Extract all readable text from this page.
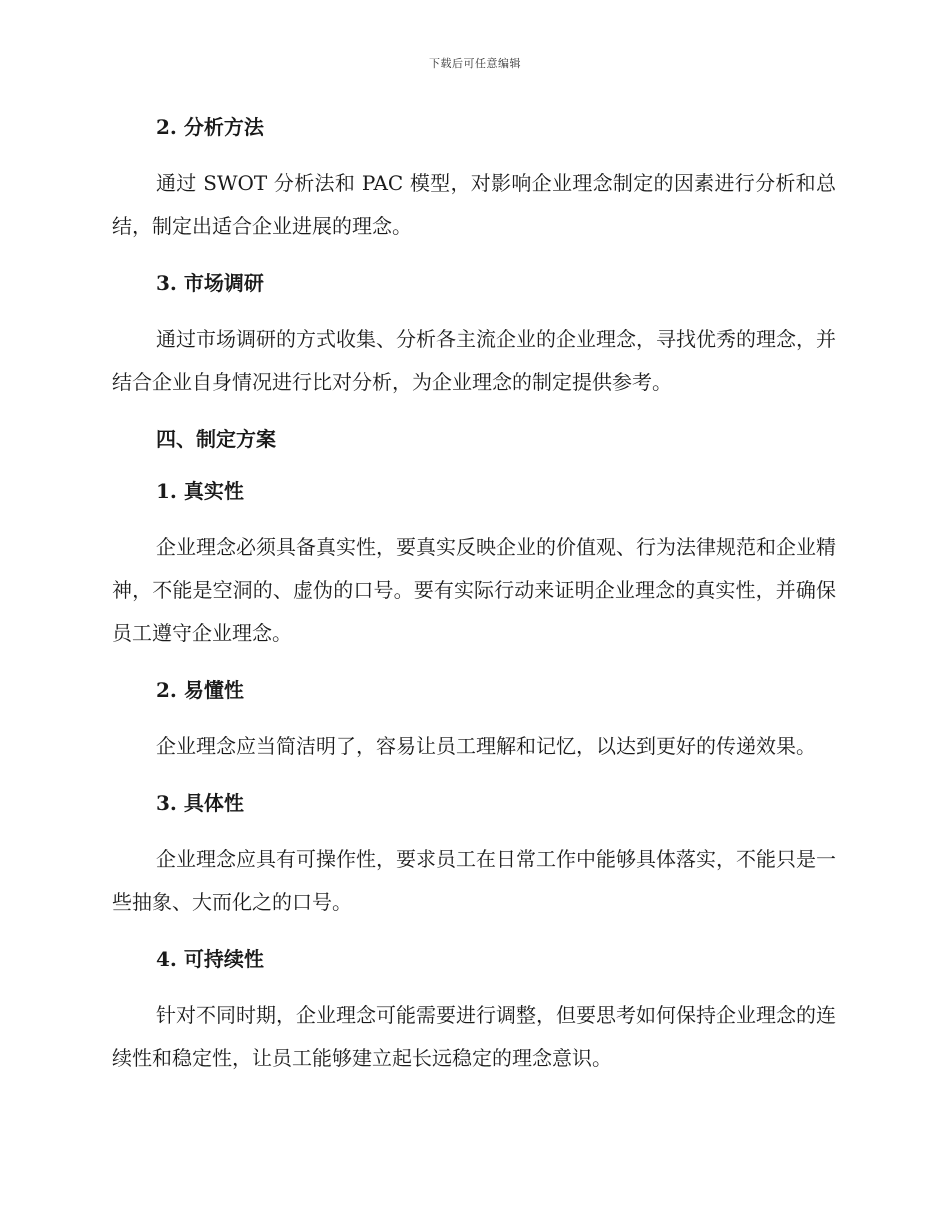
下载后可任意编辑
2. 分析方法

通过 SWOT 分析法和 PAC 模型，对影响企业理念制定的因素进行分析和总结，制定出适合企业进展的理念。

3. 市场调研

通过市场调研的方式收集、分析各主流企业的企业理念，寻找优秀的理念，并结合企业自身情况进行比对分析，为企业理念的制定提供参考。

四、制定方案
1. 真实性

企业理念必须具备真实性，要真实反映企业的价值观、行为法律规范和企业精神，不能是空洞的、虚伪的口号。要有实际行动来证明企业理念的真实性，并确保员工遵守企业理念。

2. 易懂性

企业理念应当简洁明了，容易让员工理解和记忆，以达到更好的传递效果。

3. 具体性

企业理念应具有可操作性，要求员工在日常工作中能够具体落实，不能只是一些抽象、大而化之的口号。

4. 可持续性

针对不同时期，企业理念可能需要进行调整，但要思考如何保持企业理念的连续性和稳定性，让员工能够建立起长远稳定的理念意识。
